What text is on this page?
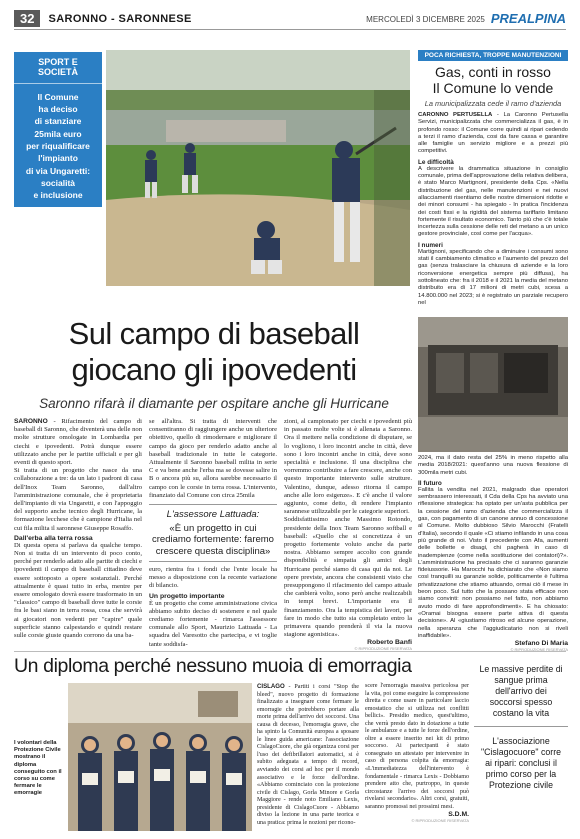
32	SARONNO - SARONNESE	MERCOLEDÌ 3 DICEMBRE 2025 PREALPINA
SPORT E
SOCIETÀ
Il Comune
ha deciso
di stanziare
25mila euro
per riqualificare
l'impianto
di via Ungaretti:
socialità
e inclusione
Sul campo di baseball
giocano gli ipovedenti
Saronno rifarà il diamante per ospitare anche gli Hurricane
SARONNO - Rifacimento del campo di baseball di Saronno, che diventerà una delle non molte strutture omologate in Lombardia per ciechi e ipovedenti. Potrà dunque essere utilizzato anche per le partite ufficiali e per gli eventi di questo sport.

Si tratta di un progetto che nasce da una collaborazione a tre: da un lato i padroni di casa dell'Inox Team Saronno, dall'altro l'amministrazione comunale, che è proprietaria dell'impianto di via Ungaretti, e con l'appoggio del supporto anche tecnico degli Hurricane, la formazione lecchese che è campione d'Italia nel cui fila milita il saronnese Giuseppe Rosaffo.

Dall'erba alla terra rossa

Di questa opera si parlava da qualche tempo. Non si tratta di un intervento di poco conto, perché per renderlo adatto alle partite di ciechi e ipovedenti il campo di baseball cittadino deve essere sottoposto a opere sostanziali. Perché attualmente è quasi tutto in erba, mentre per essere omologato dovrà essere trasformato in un "classico" campo di baseball dove tutte le corsie fra le basi siano in terra rossa, cosa che servirà ai giocatori non vedenti per "capire" quale superficie stanno calpestando e quindi restare sulle corsie giuste quando corrono da una ba-

se all'altra. Si tratta di interventi che consentiranno di raggiungere anche un ulteriore obiettivo, quello di rimodernare e migliorare il campo da gioco per renderlo adatto anche al baseball tradizionale in tutte le categorie. Attualmente il Saronno baseball milita in serie C e va bene anche l'erba ma se dovesse salire in B o ancora più su, allora sarebbe necessario il campo con le corsie in terra rossa. L'intervento, finanziato dal Comune con circa 25mila

L'assessore Lattuada:
«È un progetto in cui crediamo fortemente: faremo crescere questa disciplina»

euro, rientra fra i fondi che l'ente locale ha messo a disposizione con la recente variazione di bilancio.

Un progetto importante

È un progetto che come amministrazione civica abbiamo subito deciso di sostenere e nel quale crediamo fortemente - rimarca l'assessore comunale allo Sport, Maurizio Lattuada - La squadra del Varesotto che partecipa, e vi toglie tante soddisfa-

zioni, al campionato per ciechi e ipovedenti più in passato molte volte si è allenata a Saronno. Ora il mettere nella condizione di disputare, se lo vogliono, i loro incontri anche in città, deve sono i loro incontri anche in città, deve sono specialità e inclusione. Il una disciplina che vorremmo contribuire a fare crescere, anche con questo importante intervento sulle strutture. Valentino, dunque, adesso ritorna il campo anche alle loro esigenze». E c'è anche il valore aggiunto, come detto, di rendere l'impianto sarannese utilizzabile per le categorie superiori.

Soddisfattissimo anche Massimo Rotondo, presidente della Inox Team Saronno softball e baseball: «Quello che si concretizza è un progetto fortemente voluto anche da parte nostra. Abbiamo sempre accolto con grande disponibilità e simpatia gli amici degli Hurricane perché siamo di casa qui da noi. Le opere previste, ancora che consistenti visto che presuppongono il rifacimento del campo attuale che canbierà volto, sono però anche realizzabili in tempi brevi. L'importante era il finanziamento. Ora la tempistica dei lavori, per fare in modo che tutto sia completato entro la primavera quando prenderà il via la nuova stagione agonistica».

Roberto Banfi
© RIPRODUZIONE RISERVATA
POCA RICHIESTA, TROPPE MANUTENZIONI
Gas, conti in rosso
Il Comune lo vende
La municipalizzata cede il ramo d'azienda
CARONNO PERTUSELLA - La Caronno Pertusella Servizi, municipalizzata che commercializza il gas, è in profondo rosso: il Comune corre quindi ai ripari cedendo a terzi il ramo d'azienda, cosi da fare cassa e garantire alle famiglie un servizio migliore e a prezzi più competitivi.
Le difficoltà

A descrivere la drammatica situazione in consiglio comunale, prima dell'approvazione della relativa delibera, è stato Marco Martignoni, presidente della Cps. «Nella distribuzione del gas, nelle manutenzioni e nei nuovi allacciamenti risentiamo delle nostre dimensioni ridotte e dei minori consumi - ha spiegato - In pratica l'incidenza dei costi fissi e la rigidità del sistema tariffario limitano fortemente il risultato economico. Tanto più che c'è totale incertezza sulla cessione delle reti del metano a un unico gestore provinciale, così come per l'acqua».

I numeri

Martignoni, specificando che a diminuire i consumi sono stati il cambiamento climatico e l'aumento del prezzo del gas (senza tralasciare la chiusura di aziende e la loro riconversione energetica sempre più diffusa), ha sottolineato che: fra il 2018 e il 2021 la media del metano distribuito era di 17 milioni di metri cubi, scesa a 14.800.000 nel 2023; si è registrato un parziale recupero nel

2024, ma il dato resta del 25% in meno rispetto alla media 2018/2021: quest'anno una nuova flessione di 300mila metri cubi.

Il futuro

Fallita la vendita nel 2021, malgrado due operatori sembrassero interessati, il Cda della Cps ha avviato una riflessione strategica: ha optato per un'asta pubblica per la cessione del ramo d'azienda che commercializza il gas, con pagamento di un canone annuo di concessione al Comune. Molto dubbioso Silvio Marocchi (Fratelli d'Italia), secondo il quale «Ci stiamo infilando in una cosa più grande di noi. Visto il precedente con Afa, aumenti delle bollette e disagi, chi pagherà in caso di inadempienze (come nella sostituzione dei contatori)?». L'amministrazione ha precisato che ci saranno garanzie fideiussorie. Ha Marocchi ha dichiarato che «Non siamo così tranquilli su garanzie solide, politicamente è l'ultima privatizzazione che stiamo attuando, ormai ciò il mese in beon poco. Sul tutto che la possano stata efficace non siamo convinti: non possiamo nel fatto, non abbiamo avuto modo di fare approfondimenti». E ha chiosato: «Oramai bisogna essere parte attiva di questa decisione». Al «giustiamo ritroso ed alcune operazione, nella speranza che l'aggiudicatario non si riveli inaffidabile».

Stefano Di Maria
© RIPRODUZIONE RISERVATA
Un diploma perché nessuno muoia di emorragia
I volontari della Protezione Civile mostrano il diploma conseguito con il corso su come fermare le emorragie
CISLAGO - Partiti i corsi "Stop the bleed", nuovo progetto di formazione finalizzato a insegnare come fermare le emorragie che potrebbero portare alla morte prima dell'arrivo dei soccorsi. Una causa di decesso, l'emorragia grave, che ha spinto la Comunità europea a sposare le linee guida americane: l'associazione CislagoCuore, che già organizza corsi per l'uso dei defibrillatori automatici, si è subito adeguata a tempo di record, avviando dei corsi ad hoc per il mondo associativo e le forze dell'ordine. «Abbiamo cominciato con la protezione civile di Cislago, Gorla Minore e Gorla Maggiore - rende noto Emiliano Lexis, presidente di CislagoCuore - Abbiamo diviso la lezione in una parte teorica e una pratica: prima le nozioni per ricono-

scere l'emorragia massiva pericolosa per la vita, poi come eseguire la compressione diretta e come usare in particolare laccio emostatico che si utilizza nei conflitti bellici». Presidio medico, quest'ultimo, che verrà presto dato in dotazione a tutte le ambulanze e a tutte le forze dell'ordine, oltre a essere inserito nei kit di primo soccorso. Ai partecipanti è stato consegnato un attestato per intervenire in caso di persona colpita da emorragia: «L'immediatezza dell'intervento è fondamentale - rimarca Lexis - Dobbiamo prendere atto che, purtroppo, in queste circostanze l'arrivo dei soccorsi può rivelarsi secondario». Altri corsi, gratuiti, saranno promossi nei prossimi mesi.

S.D.M.
© RIPRODUZIONE RISERVATA
Le massive perdite di sangue prima dell'arrivo dei soccorsi spesso costano la vita
L'associazione "Cislagocuore" corre ai ripari: conclusi il primo corso per la Protezione civile
